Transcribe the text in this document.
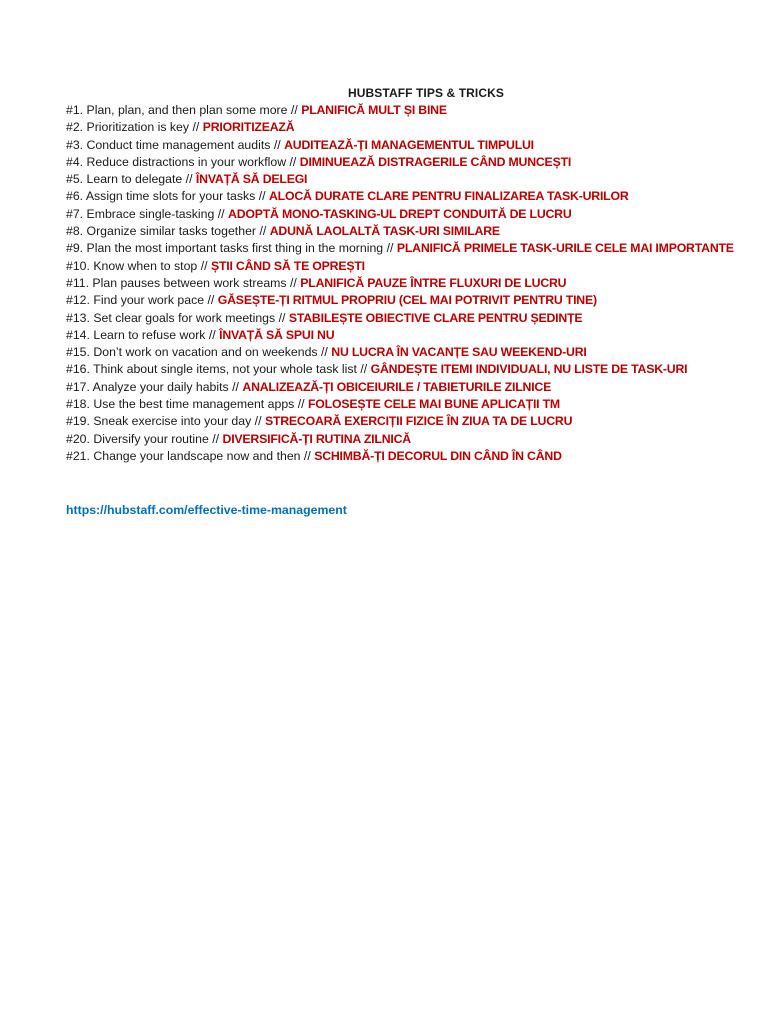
HUBSTAFF TIPS & TRICKS
#1. Plan, plan, and then plan some more // PLANIFICĂ MULT ȘI BINE
#2. Prioritization is key // PRIORITIZEAZĂ
#3. Conduct time management audits // AUDITEAZĂ-ȚI MANAGEMENTUL TIMPULUI
#4. Reduce distractions in your workflow // DIMINUEAZĂ DISTRAGERILE CÂND MUNCEȘTI
#5. Learn to delegate // ÎNVAȚĂ SĂ DELEGI
#6. Assign time slots for your tasks // ALOCĂ DURATE CLARE PENTRU FINALIZAREA TASK-URILOR
#7. Embrace single-tasking // ADOPTĂ MONO-TASKING-UL DREPT CONDUITĂ DE LUCRU
#8. Organize similar tasks together // ADUNĂ LAOLALTĂ TASK-URI SIMILARE
#9. Plan the most important tasks first thing in the morning // PLANIFICĂ PRIMELE TASK-URILE CELE MAI IMPORTANTE
#10. Know when to stop // ȘTII CÂND SĂ TE OPREȘTI
#11. Plan pauses between work streams // PLANIFICĂ PAUZE ÎNTRE FLUXURI DE LUCRU
#12. Find your work pace // GĂSEȘTE-ȚI RITMUL PROPRIU (CEL MAI POTRIVIT PENTRU TINE)
#13. Set clear goals for work meetings // STABILEȘTE OBIECTIVE CLARE PENTRU ȘEDINȚE
#14. Learn to refuse work // ÎNVAȚĂ SĂ SPUI NU
#15. Don’t work on vacation and on weekends // NU LUCRA ÎN VACANȚE SAU WEEKEND-URI
#16. Think about single items, not your whole task list // GÂNDEȘTE ITEMI INDIVIDUALI, NU LISTE DE TASK-URI
#17. Analyze your daily habits // ANALIZEAZĂ-ȚI OBICEIURILE / TABIETURILE ZILNICE
#18. Use the best time management apps // FOLOSEȘTE CELE MAI BUNE APLICAȚII TM
#19. Sneak exercise into your day // STRECOARĂ EXERCIȚII FIZICE ÎN ZIUA TA DE LUCRU
#20. Diversify your routine // DIVERSIFICĂ-ȚI RUTINA ZILNICĂ
#21. Change your landscape now and then // SCHIMBĂ-ȚI DECORUL DIN CÂND ÎN CÂND
https://hubstaff.com/effective-time-management
